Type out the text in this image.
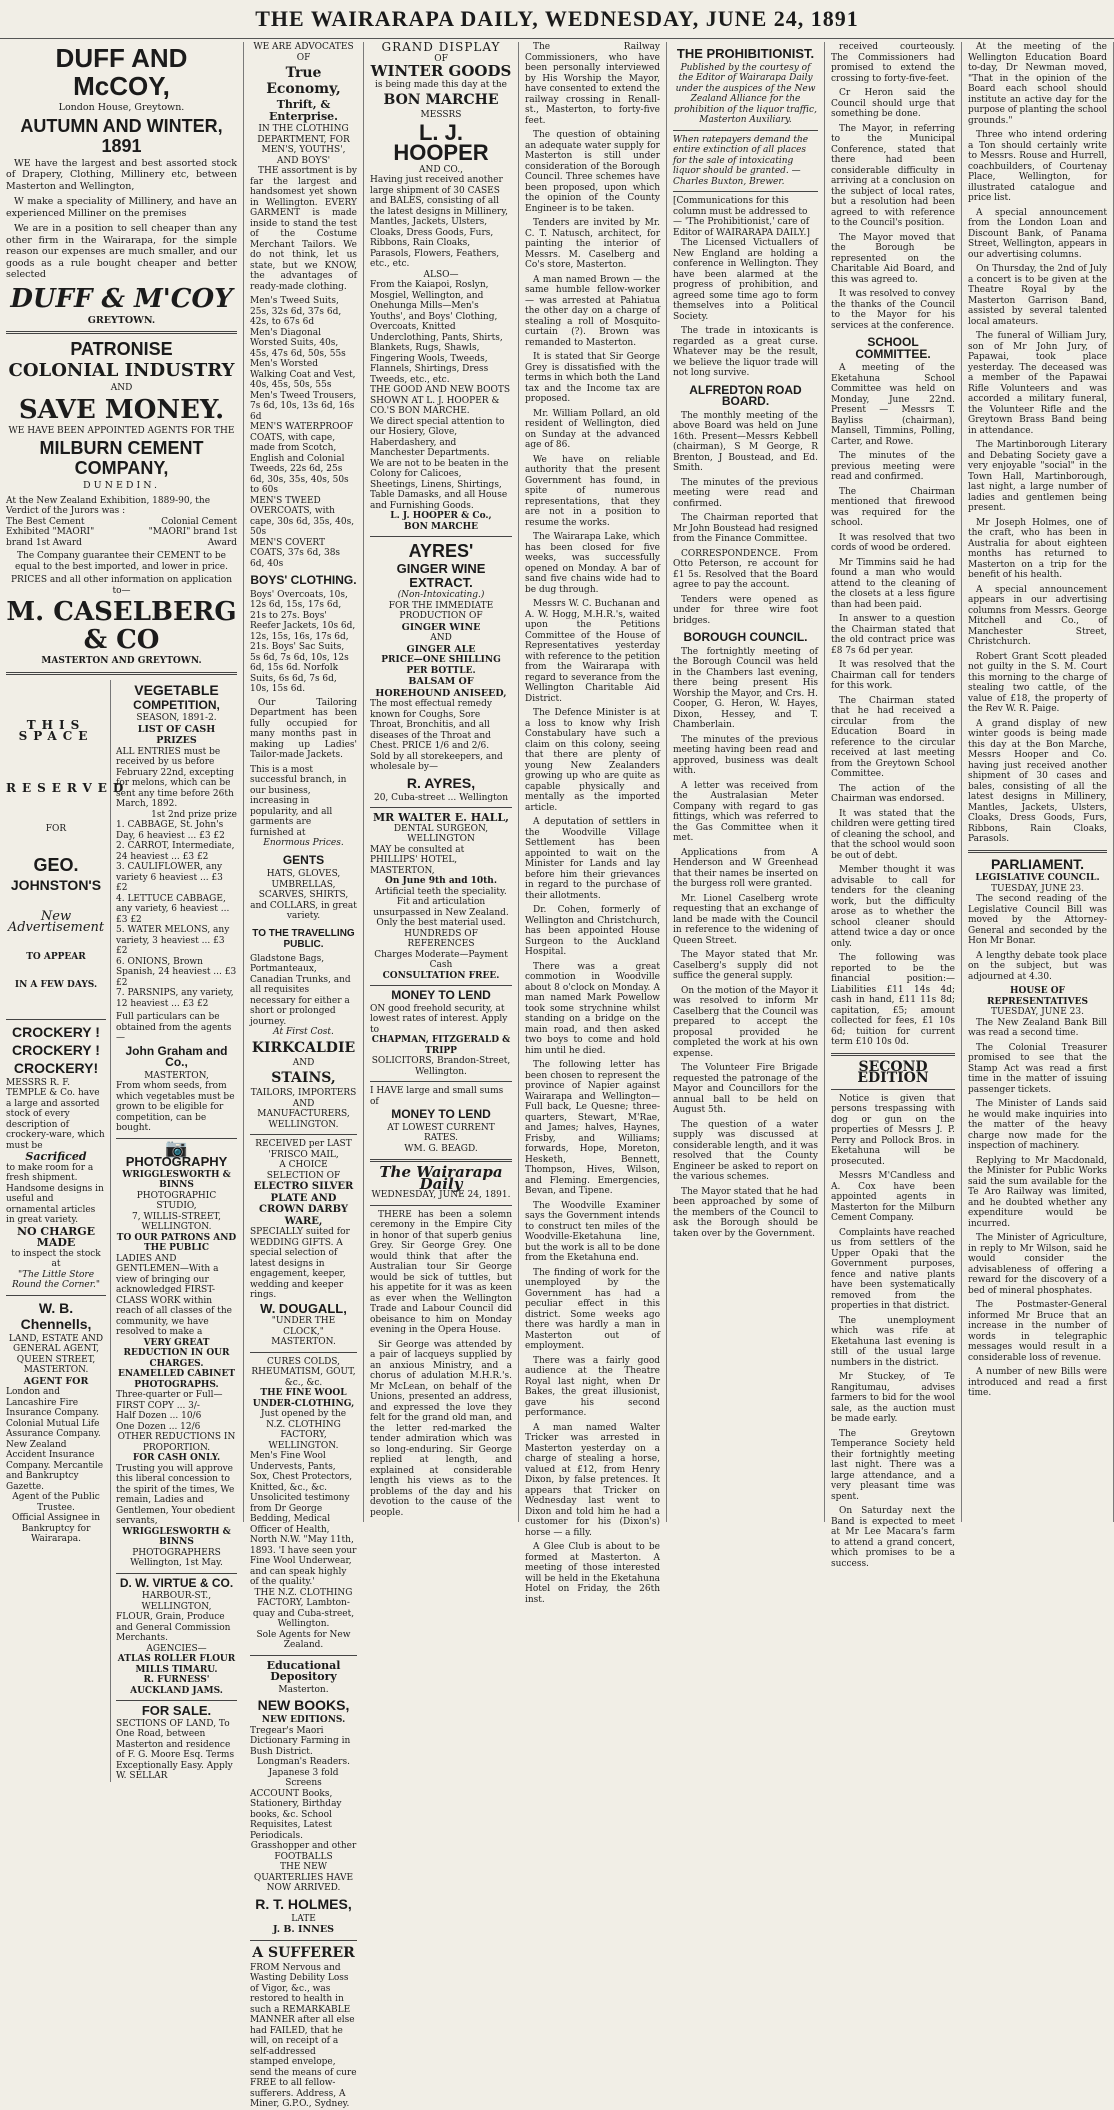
THE WAIRARAPA DAILY, WEDNESDAY, JUNE 24, 1891
DUFF AND McCOY,
London House, Greytown.
AUTUMN AND WINTER, 1891

WE have the largest and best assorted stock of Drapery, Clothing, Millinery etc, between Masterton and Wellington,

W make a speciality of Millinery, and have an experienced Milliner on the premises

We are in a position to sell cheaper than any other firm in the Wairarapa, for the simple reason our expenses are much smaller, and our goods as a rule bought cheaper and better selected

DUFF & M'COY
GREYTOWN.
PATRONISE
COLONIAL INDUSTRY
AND
SAVE MONEY.
WE HAVE BEEN APPOINTED AGENTS FOR THE
MILBURN CEMENT COMPANY,
DUNEDIN.
At the New Zealand Exhibition, 1889-90, the Verdict of the Jurors was :
The Best Cement Exhibited "MAORI" brand 1st Award
Colonial Cement "MAORI" brand 1st Award
The Company guarantee their CEMENT to be equal to the best imported, and lower in price.
PRICES and all other information on application to—
M. CASELBERG & CO
MASTERTON AND GREYTOWN.
THIS SPACE
RESERVED
FOR
GEO.
JOHNSTON'S
New Advertisement
TO APPEAR
IN A FEW DAYS.
CROCKERY !
CROCKERY !
CROCKERY!
MESSRS R. F. TEMPLE & Co. have a large and assorted stock of every description of crockery-ware, which must be
Sacrificed
to make room for a fresh shipment. Handsome designs in useful and ornamental articles in great variety.
NO CHARGE MADE
to inspect the stock at
"The Little Store Round the Corner."
W. B. Chennells,
LAND, ESTATE AND GENERAL AGENT,
QUEEN STREET, MASTERTON.
AGENT FOR
London and Lancashire Fire Insurance Company. Colonial Mutual Life Assurance Company. New Zealand Accident Insurance Company. Mercantile and Bankruptcy Gazette.
Agent of the Public Trustee.
Official Assignee in Bankruptcy for Wairarapa.
VEGETABLE
COMPETITION,
SEASON, 1891-2.
LIST OF CASH PRIZES
ALL ENTRIES must be received by us before February 22nd, excepting for melons, which can be sent any time before 26th March, 1892.
1st 2nd prize prize
1. CABBAGE, St. John's Day, 6 heaviest ... £3 £2
2. CARROT, Intermediate, 24 heaviest ... £3 £2
3. CAULIFLOWER, any variety 6 heaviest ... £3 £2
4. LETTUCE CABBAGE, any variety, 6 heaviest ... £3 £2
5. WATER MELONS, any variety, 3 heaviest ... £3 £2
6. ONIONS, Brown Spanish, 24 heaviest ... £3 £2
7. PARSNIPS, any variety, 12 heaviest ... £3 £2
Full particulars can be obtained from the agents—
John Graham and Co.,
MASTERTON,
From whom seeds, from which vegetables must be grown to be eligible for competition, can be bought.
📷
PHOTOGRAPHY
WRIGGLESWORTH & BINNS
PHOTOGRAPHIC STUDIO,
7, WILLIS-STREET, WELLINGTON.
TO OUR PATRONS AND THE PUBLIC
LADIES AND GENTLEMEN—With a view of bringing our acknowledged FIRST-CLASS WORK within reach of all classes of the community, we have resolved to make a
VERY GREAT REDUCTION IN OUR CHARGES.
ENAMELLED CABINET PHOTOGRAPHS.
Three-quarter or Full—
FIRST COPY ... 3/-
Half Dozen ... 10/6
One Dozen ... 12/6
OTHER REDUCTIONS IN PROPORTION.
FOR CASH ONLY.
Trusting you will approve this liberal concession to the spirit of the times, We remain, Ladies and Gentlemen, Your obedient servants,
WRIGGLESWORTH & BINNS
PHOTOGRAPHERS Wellington, 1st May.
D. W. VIRTUE & CO.
HARBOUR-ST., WELLINGTON,
FLOUR, Grain, Produce and General Commission Merchants.
AGENCIES—
ATLAS ROLLER FLOUR MILLS TIMARU.
R. FURNESS' AUCKLAND JAMS.
FOR SALE.
SECTIONS OF LAND, To One Road, between Masterton and residence of F. G. Moore Esq. Terms Exceptionally Easy. Apply W. SELLAR
WE ARE ADVOCATES OF
True Economy,
Thrift, & Enterprise.
IN THE CLOTHING DEPARTMENT, FOR MEN'S, YOUTHS', AND BOYS'

THE assortment is by far the largest and handsomest yet shown in Wellington. EVERY GARMENT is made inside to stand the test of the Costume Merchant Tailors. We do not think, let us state, but we KNOW, the advantages of ready-made clothing.

Men's Tweed Suits, 25s, 32s 6d, 37s 6d, 42s, to 67s 6d
Men's Diagonal Worsted Suits, 40s, 45s, 47s 6d, 50s, 55s
Men's Worsted Walking Coat and Vest, 40s, 45s, 50s, 55s
Men's Tweed Trousers, 7s 6d, 10s, 13s 6d, 16s 6d
MEN'S WATERPROOF COATS, with cape, made from Scotch, English and Colonial Tweeds, 22s 6d, 25s 6d, 30s, 35s, 40s, 50s to 60s
MEN'S TWEED OVERCOATS, with cape, 30s 6d, 35s, 40s, 50s
MEN'S COVERT COATS, 37s 6d, 38s 6d, 40s
BOYS' CLOTHING.
Boys' Overcoats, 10s, 12s 6d, 15s, 17s 6d, 21s to 27s. Boys' Reefer Jackets, 10s 6d, 12s, 15s, 16s, 17s 6d, 21s. Boys' Sac Suits, 5s 6d, 7s 6d, 10s, 12s 6d, 15s 6d. Norfolk Suits, 6s 6d, 7s 6d, 10s, 15s 6d.

Our Tailoring Department has been fully occupied for many months past in making up Ladies' Tailor-made Jackets.

This is a most successful branch, in our business, increasing in popularity, and all garments are furnished at
Enormous Prices.
GENTS
HATS, GLOVES, UMBRELLAS, SCARVES, SHIRTS, and COLLARS, in great variety.
TO THE TRAVELLING PUBLIC.
Gladstone Bags, Portmanteaux, Canadian Trunks, and all requisites necessary for either a short or prolonged journey.
At First Cost.
KIRKCALDIE
AND
STAINS,
TAILORS, IMPORTERS AND MANUFACTURERS, WELLINGTON.
RECEIVED per LAST 'FRISCO MAIL,
A CHOICE SELECTION OF
ELECTRO SILVER PLATE AND CROWN DARBY WARE,
SPECIALLY suited for WEDDING GIFTS. A special selection of latest designs in engagement, keeper, wedding and keeper rings.
W. DOUGALL,
"UNDER THE CLOCK,"
MASTERTON.
CURES COLDS, RHEUMATISM, GOUT, &c., &c.
THE FINE WOOL UNDER-CLOTHING,
Just opened by the N.Z. CLOTHING FACTORY, WELLINGTON.
Men's Fine Wool Undervests, Pants, Sox, Chest Protectors, Knitted, &c., &c.
Unsolicited testimony from Dr George Bedding, Medical Officer of Health, North N.W. "May 11th, 1893. 'I have seen your Fine Wool Underwear, and can speak highly of the quality.'
THE N.Z. CLOTHING FACTORY, Lambton-quay and Cuba-street, Wellington.
Sole Agents for New Zealand.
Educational Depository
Masterton.
NEW BOOKS,
NEW EDITIONS.
Tregear's Maori Dictionary Farming in Bush District.
Longman's Readers.
Japanese 3 fold Screens
ACCOUNT Books, Stationery, Birthday books, &c. School Requisites, Latest Periodicals.
Grasshopper and other FOOTBALLS
THE NEW QUARTERLIES HAVE NOW ARRIVED.
R. T. HOLMES,
LATE
J. B. INNES
A SUFFERER
FROM Nervous and Wasting Debility Loss of Vigor, &c., was restored to health in such a REMARKABLE MANNER after all else had FAILED, that he will, on receipt of a self-addressed stamped envelope, send the means of cure FREE to all fellow-sufferers. Address, A Miner, G.P.O., Sydney.
GRAND DISPLAY
OF
WINTER GOODS
is being made this day at the
BON MARCHE
MESSRS
L. J. HOOPER
AND CO.,
Having just received another large shipment of 30 CASES and BALES, consisting of all the latest designs in Millinery, Mantles, Jackets, Ulsters, Cloaks, Dress Goods, Furs, Ribbons, Rain Cloaks, Parasols, Flowers, Feathers, etc., etc.
ALSO—
From the Kaiapoi, Roslyn, Mosgiel, Wellington, and Onehunga Mills—Men's Youths', and Boys' Clothing, Overcoats, Knitted Underclothing, Pants, Shirts, Blankets, Rugs, Shawls, Fingering Wools, Tweeds, Flannels, Shirtings, Dress Tweeds, etc., etc.
THE GOOD AND NEW BOOTS SHOWN AT L. J. HOOPER & CO.'S BON MARCHE.
We direct special attention to our Hosiery, Glove, Haberdashery, and Manchester Departments.
We are not to be beaten in the Colony for Calicoes, Sheetings, Linens, Shirtings, Table Damasks, and all House and Furnishing Goods.
L. J. HOOPER & Co.,
BON MARCHE
AYRES'
GINGER WINE
EXTRACT.
(Non-Intoxicating.)
FOR THE IMMEDIATE PRODUCTION OF
GINGER WINE
AND
GINGER ALE
PRICE—ONE SHILLING PER BOTTLE.
BALSAM OF HOREHOUND ANISEED,
The most effectual remedy known for Coughs, Sore Throat, Bronchitis, and all diseases of the Throat and Chest. PRICE 1/6 and 2/6. Sold by all storekeepers, and wholesale by—
R. AYRES,
20, Cuba-street ... Wellington
MR WALTER E. HALL,
DENTAL SURGEON,
WELLINGTON
MAY be consulted at PHILLIPS' HOTEL, MASTERTON,
On June 9th and 10th.
Artificial teeth the speciality.
Fit and articulation unsurpassed in New Zealand.
Only the best material used.
HUNDREDS OF REFERENCES
Charges Moderate—Payment Cash
CONSULTATION FREE.
MONEY TO LEND
ON good freehold security, at lowest rates of interest. Apply to
CHAPMAN, FITZGERALD & TRIPP
SOLICITORS, Brandon-Street, Wellington.
I HAVE large and small sums of
MONEY TO LEND
AT LOWEST CURRENT RATES.
WM. G. BEAGD.
The Wairarapa Daily
WEDNESDAY, JUNE 24, 1891.

THERE has been a solemn ceremony in the Empire City in honor of that superb genius Grey. Sir George Grey. One would think that after the Australian tour Sir George would be sick of tuttles, but his appetite for it was as keen as ever when the Wellington Trade and Labour Council did obeisance to him on Monday evening in the Opera House.

Sir George was attended by a pair of lacqueys supplied by an anxious Ministry, and a chorus of adulation M.H.R.'s. Mr McLean, on behalf of the Unions, presented an address, and expressed the love they felt for the grand old man, and the letter red-marked the tender admiration which was so long-enduring. Sir George replied at length, and explained at considerable length his views as to the problems of the day and his devotion to the cause of the people.

The Railway Commissioners, who have been personally interviewed by His Worship the Mayor, have consented to extend the railway crossing in Renall-st., Masterton, to forty-five feet.

The question of obtaining an adequate water supply for Masterton is still under consideration of the Borough Council. Three schemes have been proposed, upon which the opinion of the County Engineer is to be taken.

Tenders are invited by Mr. C. T. Natusch, architect, for painting the interior of Messrs. M. Caselberg and Co's store, Masterton.

A man named Brown — the same humble fellow-worker — was arrested at Pahiatua the other day on a charge of stealing a roll of Mosquito-curtain (?). Brown was remanded to Masterton.

It is stated that Sir George Grey is dissatisfied with the terms in which both the Land tax and the Income tax are proposed.

Mr. William Pollard, an old resident of Wellington, died on Sunday at the advanced age of 86.

We have on reliable authority that the present Government has found, in spite of numerous representations, that they are not in a position to resume the works.

The Wairarapa Lake, which has been closed for five weeks, was successfully opened on Monday. A bar of sand five chains wide had to be dug through.

Messrs W. C. Buchanan and A. W. Hogg, M.H.R.'s, waited upon the Petitions Committee of the House of Representatives yesterday with reference to the petition from the Wairarapa with regard to severance from the Wellington Charitable Aid District.

The Defence Minister is at a loss to know why Irish Constabulary have such a claim on this colony, seeing that there are plenty of young New Zealanders growing up who are quite as capable physically and mentally as the imported article.

A deputation of settlers in the Woodville Village Settlement has been appointed to wait on the Minister for Lands and lay before him their grievances in regard to the purchase of their allotments.

Dr. Cohen, formerly of Wellington and Christchurch, has been appointed House Surgeon to the Auckland Hospital.

There was a great commotion in Woodville about 8 o'clock on Monday. A man named Mark Powellow took some strychnine whilst standing on a bridge on the main road, and then asked two boys to come and hold him until he died.

The following letter has been chosen to represent the province of Napier against Wairarapa and Wellington—Full back, Le Quesne; three-quarters, Stewart, M'Rae, and James; halves, Haynes, Frisby, and Williams; forwards, Hope, Moreton, Hesketh, Bennett, Thompson, Hives, Wilson, and Fleming. Emergencies, Bevan, and Tipene.

The Woodville Examiner says the Government intends to construct ten miles of the Woodville-Eketahuna line, but the work is all to be done from the Eketahuna end.

The finding of work for the unemployed by the Government has had a peculiar effect in this district. Some weeks ago there was hardly a man in Masterton out of employment.

There was a fairly good audience at the Theatre Royal last night, when Dr Bakes, the great illusionist, gave his second performance.

A man named Walter Tricker was arrested in Masterton yesterday on a charge of stealing a horse, valued at £12, from Henry Dixon, by false pretences. It appears that Tricker on Wednesday last went to Dixon and told him he had a customer for his (Dixon's) horse — a filly.

A Glee Club is about to be formed at Masterton. A meeting of those interested will be held in the Eketahuna Hotel on Friday, the 26th inst.

THE PROHIBITIONIST.
Published by the courtesy of the Editor of Wairarapa Daily under the auspices of the New Zealand Alliance for the prohibition of the liquor traffic, Masterton Auxiliary.
When ratepayers demand the entire extinction of all places for the sale of intoxicating liquor should be granted. —Charles Buxton, Brewer.
[Communications for this column must be addressed to — 'The Prohibitionist,' care of Editor of WAIRARAPA DAILY.]

The Licensed Victuallers of New England are holding a conference in Wellington. They have been alarmed at the progress of prohibition, and agreed some time ago to form themselves into a Political Society.

The trade in intoxicants is regarded as a great curse. Whatever may be the result, we believe the liquor trade will not long survive.

ALFREDTON ROAD BOARD.

The monthly meeting of the above Board was held on June 16th. Present—Messrs Kebbell (chairman), S M George, R Brenton, J Boustead, and Ed. Smith.

The minutes of the previous meeting were read and confirmed.

The Chairman reported that Mr John Boustead had resigned from the Finance Committee.

CORRESPONDENCE. From Otto Peterson, re account for £1 5s. Resolved that the Board agree to pay the account.

Tenders were opened as under for three wire foot bridges.

BOROUGH COUNCIL.

The fortnightly meeting of the Borough Council was held in the Chambers last evening, there being present His Worship the Mayor, and Crs. H. Cooper, G. Heron, W. Hayes, Dixon, Hessey, and T. Chamberlain.

The minutes of the previous meeting having been read and approved, business was dealt with.

A letter was received from the Australasian Meter Company with regard to gas fittings, which was referred to the Gas Committee when it met.

Applications from A Henderson and W Greenhead that their names be inserted on the burgess roll were granted.

Mr. Lionel Caselberg wrote requesting that an exchange of land be made with the Council in reference to the widening of Queen Street.

The Mayor stated that Mr. Caselberg's supply did not suffice the general supply.

On the motion of the Mayor it was resolved to inform Mr Caselberg that the Council was prepared to accept the proposal provided he completed the work at his own expense.

The Volunteer Fire Brigade requested the patronage of the Mayor and Councillors for the annual ball to be held on August 5th.

The question of a water supply was discussed at considerable length, and it was resolved that the County Engineer be asked to report on the various schemes.

The Mayor stated that he had been approached by some of the members of the Council to ask the Borough should be taken over by the Government.

received courteously. The Commissioners had promised to extend the crossing to forty-five-feet.

Cr Heron said the Council should urge that something be done.

The Mayor, in referring to the Municipal Conference, stated that there had been considerable difficulty in arriving at a conclusion on the subject of local rates, but a resolution had been agreed to with reference to the Council's position.

The Mayor moved that the Borough be represented on the Charitable Aid Board, and this was agreed to.

It was resolved to convey the thanks of the Council to the Mayor for his services at the conference.

SCHOOL COMMITTEE.

A meeting of the Eketahuna School Committee was held on Monday, June 22nd. Present — Messrs T. Bayliss (chairman), Mansell, Timmins, Polling, Carter, and Rowe.

The minutes of the previous meeting were read and confirmed.

The Chairman mentioned that firewood was required for the school.

It was resolved that two cords of wood be ordered.

Mr Timmins said he had found a man who would attend to the cleaning of the closets at a less figure than had been paid.

In answer to a question the Chairman stated that the old contract price was £8 7s 6d per year.

It was resolved that the Chairman call for tenders for this work.

The Chairman stated that he had received a circular from the Education Board in reference to the circular received at last meeting from the Greytown School Committee.

The action of the Chairman was endorsed.

It was stated that the children were getting tired of cleaning the school, and that the school would soon be out of debt.

Member thought it was advisable to call for tenders for the cleaning work, but the difficulty arose as to whether the school cleaner should attend twice a day or once only.

The following was reported to be the financial position:—Liabilities £11 14s 4d; cash in hand, £11 11s 8d; capitation, £5; amount collected for fees, £1 10s 6d; tuition for current term £10 10s 0d.

SECOND EDITION

Notice is given that persons trespassing with dog or gun on the properties of Messrs J. P. Perry and Pollock Bros. in Eketahuna will be prosecuted.

Messrs M'Candless and A. Cox have been appointed agents in Masterton for the Milburn Cement Company.

Complaints have reached us from settlers of the Upper Opaki that the Government purposes, fence and native plants have been systematically removed from the properties in that district.

The unemployment which was rife at Eketahuna last evening is still of the usual large numbers in the district.

Mr Stuckey, of Te Rangitumau, advises farmers to bid for the wool sale, as the auction must be made early.

The Greytown Temperance Society held their fortnightly meeting last night. There was a large attendance, and a very pleasant time was spent.

On Saturday next the Band is expected to meet at Mr Lee Macara's farm to attend a grand concert, which promises to be a success.

At the meeting of the Wellington Education Board to-day, Dr Newman moved, "That in the opinion of the Board each school should institute an active day for the purpose of planting the school grounds."

Three who intend ordering a Ton should certainly write to Messrs. Rouse and Hurrell, coachbuilders, of Courtenay Place, Wellington, for illustrated catalogue and price list.

A special announcement from the London Loan and Discount Bank, of Panama Street, Wellington, appears in our advertising columns.

On Thursday, the 2nd of July a concert is to be given at the Theatre Royal by the Masterton Garrison Band, assisted by several talented local amateurs.

The funeral of William Jury, son of Mr John Jury, of Papawai, took place yesterday. The deceased was a member of the Papawai Rifle Volunteers and was accorded a military funeral, the Volunteer Rifle and the Greytown Brass Band being in attendance.

The Martinborough Literary and Debating Society gave a very enjoyable "social" in the Town Hall, Martinborough, last night, a large number of ladies and gentlemen being present.

Mr Joseph Holmes, one of the craft, who has been in Australia for about eighteen months has returned to Masterton on a trip for the benefit of his health.

A special announcement appears in our advertising columns from Messrs. George Mitchell and Co., of Manchester Street, Christchurch.

Robert Grant Scott pleaded not guilty in the S. M. Court this morning to the charge of stealing two cattle, of the value of £18, the property of the Rev W. R. Paige.

A grand display of new winter goods is being made this day at the Bon Marche, Messrs Hooper and Co. having just received another shipment of 30 cases and bales, consisting of all the latest designs in Millinery, Mantles, Jackets, Ulsters, Cloaks, Dress Goods, Furs, Ribbons, Rain Cloaks, Parasols.

PARLIAMENT.
LEGISLATIVE COUNCIL.
TUESDAY, JUNE 23.

The second reading of the Legislative Council Bill was moved by the Attorney-General and seconded by the Hon Mr Bonar.

A lengthy debate took place on the subject, but was adjourned at 4.30.

HOUSE OF REPRESENTATIVES
TUESDAY, JUNE 23.

The New Zealand Bank Bill was read a second time.

The Colonial Treasurer promised to see that the Stamp Act was read a first time in the matter of issuing passenger tickets.

The Minister of Lands said he would make inquiries into the matter of the heavy charge now made for the inspection of machinery.

Replying to Mr Macdonald, the Minister for Public Works said the sum available for the Te Aro Railway was limited, and he doubted whether any expenditure would be incurred.

The Minister of Agriculture, in reply to Mr Wilson, said he would consider the advisableness of offering a reward for the discovery of a bed of mineral phosphates.

The Postmaster-General informed Mr Bruce that an increase in the number of words in telegraphic messages would result in a considerable loss of revenue.

A number of new Bills were introduced and read a first time.
